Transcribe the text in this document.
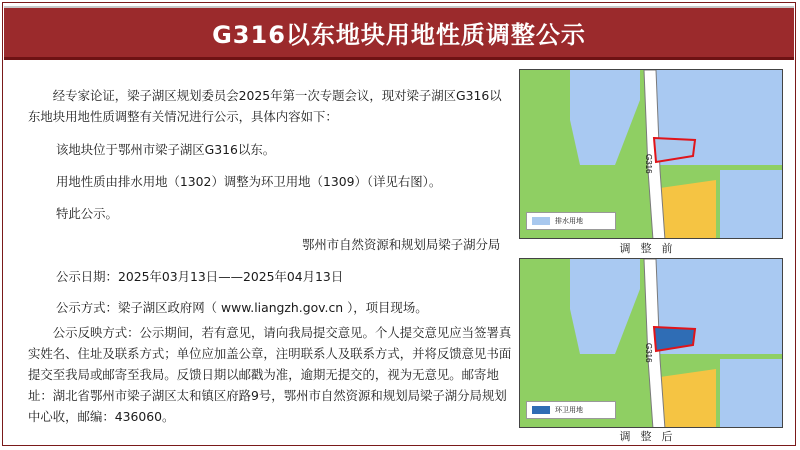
G316以东地块用地性质调整公示

经专家论证，梁子湖区规划委员会2025年第一次专题会议，现对梁子湖区G316以东地块用地性质调整有关情况进行公示，具体内容如下：

该地块位于鄂州市梁子湖区G316以东。
用地性质由排水用地（1302）调整为环卫用地（1309）（详见右图）。
特此公示。
鄂州市自然资源和规划局梁子湖分局
公示日期：2025年03月13日——2025年04月13日
公示方式：梁子湖区政府网（ www.liangzh.gov.cn ），项目现场。

公示反映方式：公示期间，若有意见，请向我局提交意见。个人提交意见应当签署真实姓名、住址及联系方式；单位应加盖公章，注明联系人及联系方式，并将反馈意见书面提交至我局或邮寄至我局。反馈日期以邮戳为准，逾期无提交的，视为无意见。邮寄地址：湖北省鄂州市梁子湖区太和镇区府路9号，鄂州市自然资源和规划局梁子湖分局规划中心收，邮编：436060。

G316
排水用地
调整前
G316
环卫用地
调整后
